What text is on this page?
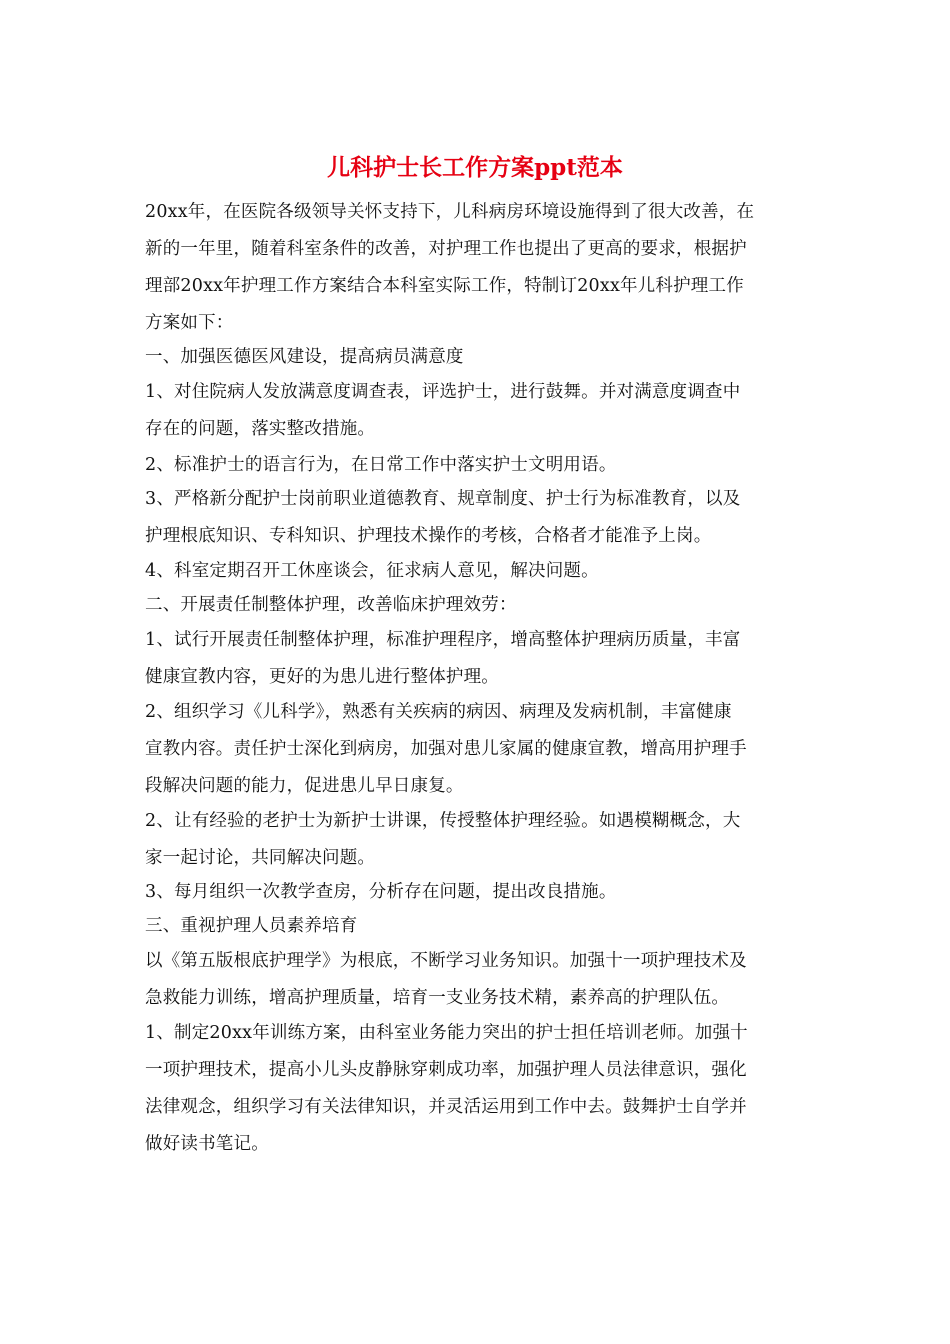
儿科护士长工作方案ppt范本
20xx年，在医院各级领导关怀支持下，儿科病房环境设施得到了很大改善，在
新的一年里，随着科室条件的改善，对护理工作也提出了更高的要求，根据护
理部20xx年护理工作方案结合本科室实际工作，特制订20xx年儿科护理工作
方案如下：
一、加强医德医风建设，提高病员满意度
1、对住院病人发放满意度调查表，评选护士，进行鼓舞。并对满意度调查中
存在的问题，落实整改措施。
2、标准护士的语言行为，在日常工作中落实护士文明用语。
3、严格新分配护士岗前职业道德教育、规章制度、护士行为标准教育，以及
护理根底知识、专科知识、护理技术操作的考核，合格者才能准予上岗。
4、科室定期召开工休座谈会，征求病人意见，解决问题。
二、开展责任制整体护理，改善临床护理效劳：
1、试行开展责任制整体护理，标准护理程序，增高整体护理病历质量，丰富
健康宣教内容，更好的为患儿进行整体护理。
2、组织学习《儿科学》，熟悉有关疾病的病因、病理及发病机制，丰富健康
宣教内容。责任护士深化到病房，加强对患儿家属的健康宣教，增高用护理手
段解决问题的能力，促进患儿早日康复。
2、让有经验的老护士为新护士讲课，传授整体护理经验。如遇模糊概念，大
家一起讨论，共同解决问题。
3、每月组织一次教学查房，分析存在问题，提出改良措施。
三、重视护理人员素养培育
以《第五版根底护理学》为根底，不断学习业务知识。加强十一项护理技术及
急救能力训练，增高护理质量，培育一支业务技术精，素养高的护理队伍。
1、制定20xx年训练方案，由科室业务能力突出的护士担任培训老师。加强十
一项护理技术，提高小儿头皮静脉穿刺成功率，加强护理人员法律意识，强化
法律观念，组织学习有关法律知识，并灵活运用到工作中去。鼓舞护士自学并
做好读书笔记。
